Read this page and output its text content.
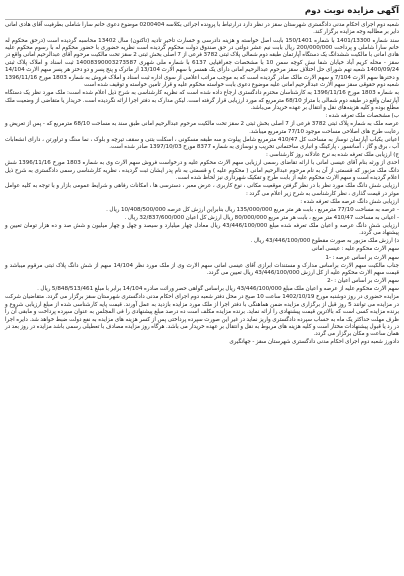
آگهی مزایده نوبت دوم

شعبه دوم اجرای احکام مدنی دادگستری شهرستان سقز در نظر دارد درارتباط با پرونده اجرائی بکلاسه 0200404 موضوع دعوی خانم سارا شاملی بطرفیت آقای هادی امانی دایر بر مطالبه وجه مزایده برگزار کند.

سند شماره 1401/13300 با شماره 150/1401 بابت اصل خواسته و هزینه دادرسی و خسارت تاخیر تادیه (تاکنون) سال 13402 محاسبه گردیده است (درحق محکوم له خانم سارا شاملی و پرداخت 200/000/000 ریال بابت نیم عشر دولتی در حق صندوق دولت محکوم گردیده است نظریه حضوری با حضور محکوم له با رسوم محکوم علیه هادی امانی با مالکیت ششدانگ یک دستگاه آپارتمان طبقه دوم شمالی پلاک ثبتی 3782 فرعی از 7 اصلی بخش ثبتی 2 سقز تحت مالکیت مرحوم آقای عبدالرحیم امانی واقع در سقز - محله کریم آباد خیابان شفا نبش کوچه سمن 10 با مشخصات جغرافیایی 6137 با شماره ملی شهری 14008390003273587 ثبت اسناد و املاک پلاک ثبتی 1400/09/24 شعبه نهم شورای حل اختلاف سقز مرحوم عبدالرحیم امانی دارای یک همسر با سهم الارث 13/104 از ماترک و پنج پسر و دو دختر هر پسر سهم الارث 14/104 و دخترها سهم الارث 7/104 و سهم الارث مالک صادر گردیده است که به موجب مراتب اعلامی از سوی اداره ثبت اسناد و املاک فروش به شماره 1803 مورخ 1396/11/16 شعبه دوم حقوقی سقز سهم الارث عبدالرحیم امانی علیه موضوع دعوی بابت خواسته محکوم علیه و قرار تامین خواسته و توقیف شده است

به شماره 1803 مورخ 1396/11/16 به کارشناسان محترم دادگستری ارجاع داده شده است که نظریه کارشناسی به شرح ذیل اعلام شده است: ملک مورد نظر یک دستگاه آپارتمان واقع در طبقه دوم شمالی با متراژ 68/10 مترمربع که مورد ارزیابی قرار گرفته است. لیکن مدارک به دفتر اجرا ارائه نگردیده است. خریدار یا متقاضی از وضعیت ملک مطلع بوده و کلیه هزینه‌های نقل و انتقال بر عهده خریدار می‌باشد.

ب) مشخصات ملک تعرفه شده :

عرصه ملک به شماره پلاک ثبتی 3782 فرعی از 7 اصلی بخش ثبتی 2 سقز تحت مالکیت مرحوم عبدالرحیم امانی طبق سند به مساحت 68/10 مترمربع که - پس از تعریض و رعایت طرح های اصلاحی مساحت موجود 77/10 مترمربع میباشد.

اعیانی یکباب آپارتمان نوساز به مساحت کل 410/47 مترمربع شامل پیلوت و سه طبقه مسکونی ، اسکلت بتنی و سقف تیرچه و بلوک ، نما سنگ و تراورتن ، دارای انشعابات آب ، برق و گاز ، آسانسور ، پارکینگ و انباری ساختمانی تخریب و نوسازی به شماره 8377 مورخ 1397/10/03 صادر شده است.

ج) ارزیابی ملک تعرفه شده به نرخ عادلانه روز کارشناسی :

احدی از ورثه بنام آقای عیسی امانی با ارائه تقاضای رسمی ارزیابی سهم الارث محکوم علیه و درخواست فروش سهم الارث وی به شماره 1803 مورخ 1396/11/16 شش دانگ ملک مزبور که قسمتی از آن به نام مرحوم عبدالرحیم امانی ( محکوم علیه ) و قسمتی به نام پدر ایشان ثبت گردیده ، نظریه کارشناسی رسمی دادگستری به شرح ذیل اعلام گردیده است و سهم الارث محکوم علیه از بابت طرح و تفکیک شهرداری نیز لحاظ شده است.

ارزیابی شش دانگ ملک مورد نظر با در نظر گرفتن موقعیت مکانی ، نوع کاربری ، عرض معبر ، دسترسی ها ، امکانات رفاهی و شرایط عمومی بازار و با توجه به کلیه عوامل موثر در قیمت گذاری ، نظر کارشناسی به شرح زیر اعلام می گردد :

ارزیابی شش دانگ عرصه ملک تعرفه شده :

- عرصه به مساحت 77/10 مترمربع ، بابت هر متر مربع 135/000/000 ریال بنابراین ارزش کل عرصه 10/408/500/000 ریال .

- اعیانی به مساحت 410/47 متر مربع ، بابت هر متر مربع 80/000/000 ریال ارزش کل اعیان 32/837/600/000 ریال .

ارزیابی شش دانگ عرصه و اعیان ملک تعرفه شده مبلغ 43/446/100/000 ریال معادل چهار میلیارد و سیصد و چهل و چهار میلیون و شش صد و ده هزار تومان تعیین و پیشنهاد می گردد.

د) ارزش ملک مزبور به صورت مقطوع 43/446/100/000 ریال .

سهم الارث محکوم علیه : عیسی امانی

سهم الارث بر اساس عرصه : -1

جناب مالکیت سهم الارث براساس مدارک و مستندات ابرازی آقای عیسی امانی سهم الارث وی از ملک مورد نظر 14/104 سهم از شش دانگ پلاک ثبتی مرقوم میباشد و قیمت سهم الارث محکوم علیه از کل ارزش 43/446/100/000 ریال تعیین می گردد.

سهم الارث بر اساس اعیان : -2

سهم الارث محکوم علیه از عرصه و اعیان ملک مبلغ 43/446/100/000 ریال براساس گواهی حصر وراثت صادره 14/104 برابر با مبلغ 5/848/513/461 ریال .

مزایده حضوری در روز دوشنبه مورخ 1402/10/19 ساعت 10 صبح در محل دفتر شعبه دوم اجرای احکام مدنی دادگستری شهرستان سقز برگزار می گردد. متقاضیان شرکت در مزایده می توانند 5 روز قبل از برگزاری مزایده ضمن هماهنگی با دفتر اجرا از ملک مورد مزایده بازدید به عمل آورند. قیمت پایه کارشناسی شده از مبلغ ارزیابی شروع و برنده مزایده کسی است که بالاترین قیمت پیشنهادی را ارائه نماید. برنده مزایده مکلف است ده درصد مبلغ پیشنهادی را فی المجلس به عنوان سپرده پرداخت و مابقی آن را ظرف مهلت حداکثر یک ماه به حساب سپرده دادگستری واریز نماید در غیر این صورت سپرده پرداختی پس از کسر هزینه های مزایده به نفع دولت ضبط خواهد شد. دایره اجرا در رد یا قبول پیشنهادات مختار است و کلیه هزینه های مربوط به نقل و انتقال بر عهده خریدار می باشد. هرگاه روز مزایده مصادف با تعطیلی رسمی باشد مزایده در روز بعد در همان ساعت و مکان برگزار می گردد.

دادورز شعبه دوم اجرای احکام مدنی دادگستری شهرستان سقز - جهانگیری
